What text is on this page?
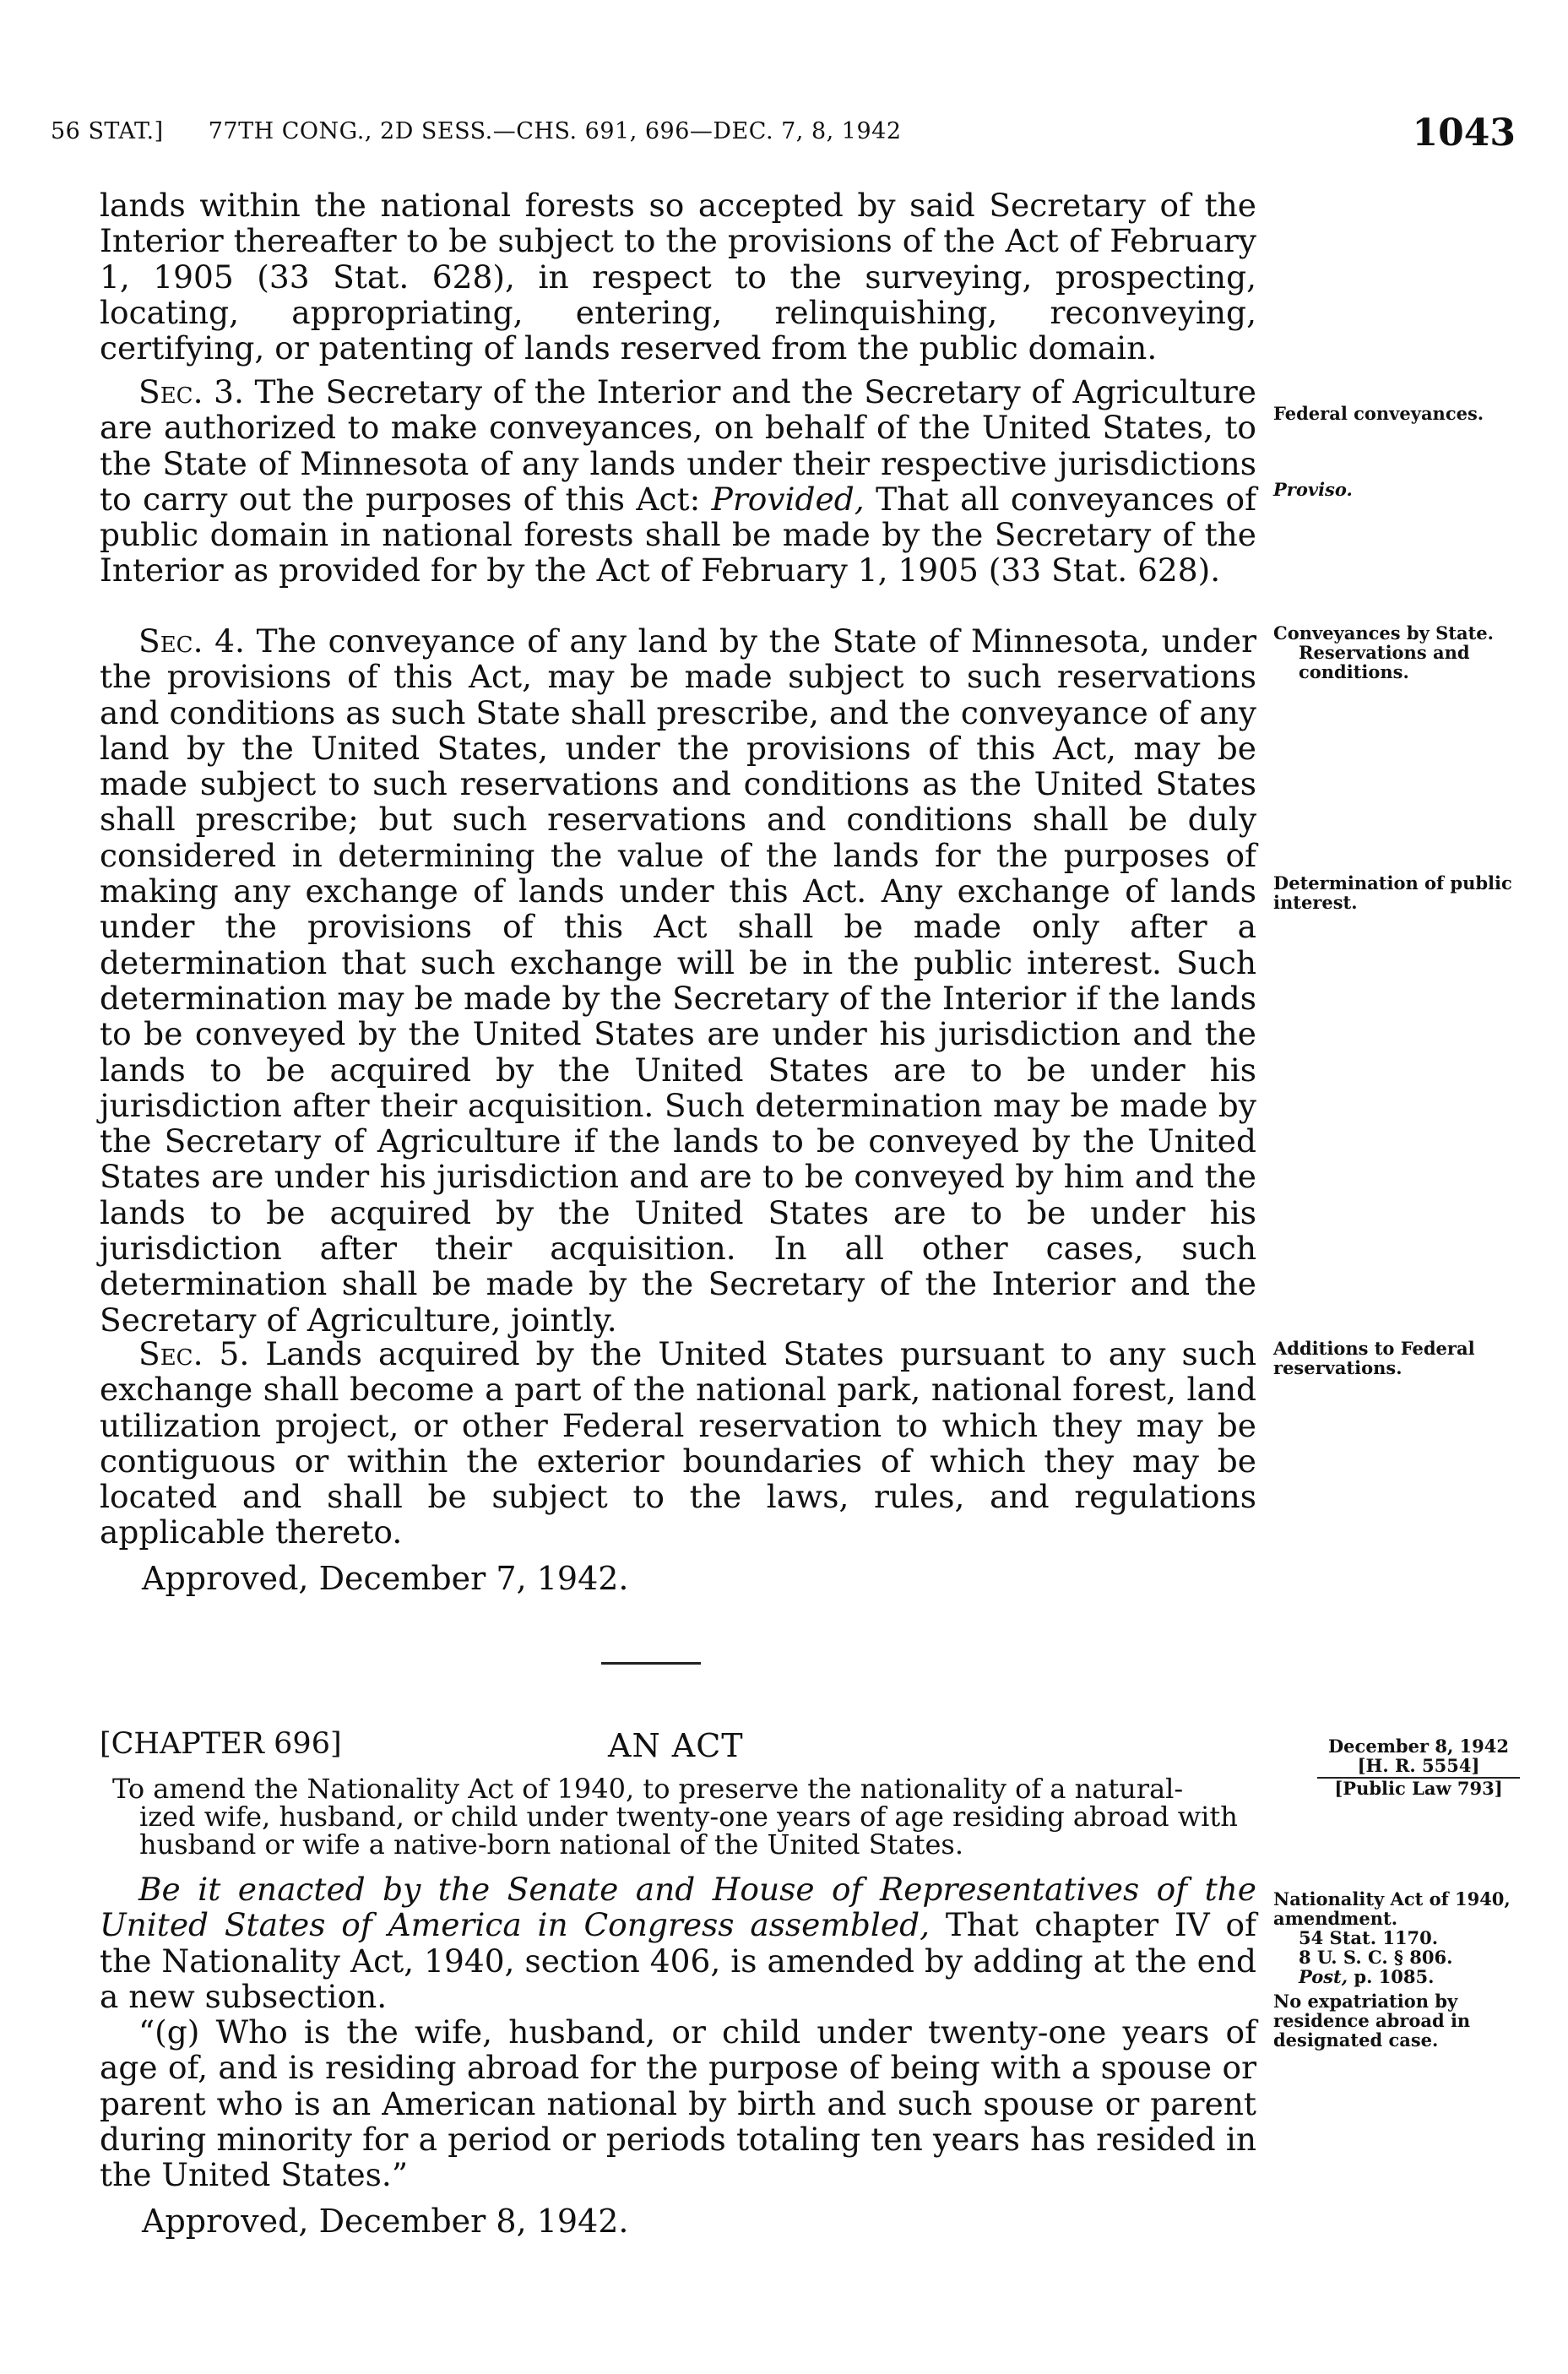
56 STAT.] 77TH CONG., 2D SESS.—CHS. 691, 696—DEC. 7, 8, 1942	1043

lands within the national forests so accepted by said Secretary of the Interior thereafter to be subject to the provisions of the Act of February 1, 1905 (33 Stat. 628), in respect to the surveying, prospecting, locating, appropriating, entering, relinquishing, reconveying, certifying, or patenting of lands reserved from the public domain.

Sec. 3. The Secretary of the Interior and the Secretary of Agriculture are authorized to make conveyances, on behalf of the United States, to the State of Minnesota of any lands under their respective jurisdictions to carry out the purposes of this Act: Provided, That all conveyances of public domain in national forests shall be made by the Secretary of the Interior as provided for by the Act of February 1, 1905 (33 Stat. 628).

Sec. 4. The conveyance of any land by the State of Minnesota, under the provisions of this Act, may be made subject to such reservations and conditions as such State shall prescribe, and the conveyance of any land by the United States, under the provisions of this Act, may be made subject to such reservations and conditions as the United States shall prescribe; but such reservations and conditions shall be duly considered in determining the value of the lands for the purposes of making any exchange of lands under this Act. Any exchange of lands under the provisions of this Act shall be made only after a determination that such exchange will be in the public interest. Such determination may be made by the Secretary of the Interior if the lands to be conveyed by the United States are under his jurisdiction and the lands to be acquired by the United States are to be under his jurisdiction after their acquisition. Such determination may be made by the Secretary of Agriculture if the lands to be conveyed by the United States are under his jurisdiction and are to be conveyed by him and the lands to be acquired by the United States are to be under his jurisdiction after their acquisition. In all other cases, such determination shall be made by the Secretary of the Interior and the Secretary of Agriculture, jointly.

Sec. 5. Lands acquired by the United States pursuant to any such exchange shall become a part of the national park, national forest, land utilization project, or other Federal reservation to which they may be contiguous or within the exterior boundaries of which they may be located and shall be subject to the laws, rules, and regulations applicable thereto.

Approved, December 7, 1942.
[CHAPTER 696]	AN ACT
To amend the Nationality Act of 1940, to preserve the nationality of a natural-
ized wife, husband, or child under twenty-one years of age residing abroad with husband or wife a native-born national of the United States.

Be it enacted by the Senate and House of Representatives of the United States of America in Congress assembled, That chapter IV of the Nationality Act, 1940, section 406, is amended by adding at the end a new subsection.

“(g) Who is the wife, husband, or child under twenty-one years of age of, and is residing abroad for the purpose of being with a spouse or parent who is an American national by birth and such spouse or parent during minority for a period or periods totaling ten years has resided in the United States.”

Approved, December 8, 1942.
Federal conveyances.
Proviso.
Conveyances by State.
Reservations and conditions.
Determination of public interest.
Additions to Federal reservations.
December 8, 1942
[H. R. 5554]
[Public Law 793]
Nationality Act of 1940, amendment.
54 Stat. 1170.
8 U. S. C. § 806.
Post, p. 1085.
No expatriation by residence abroad in designated case.
